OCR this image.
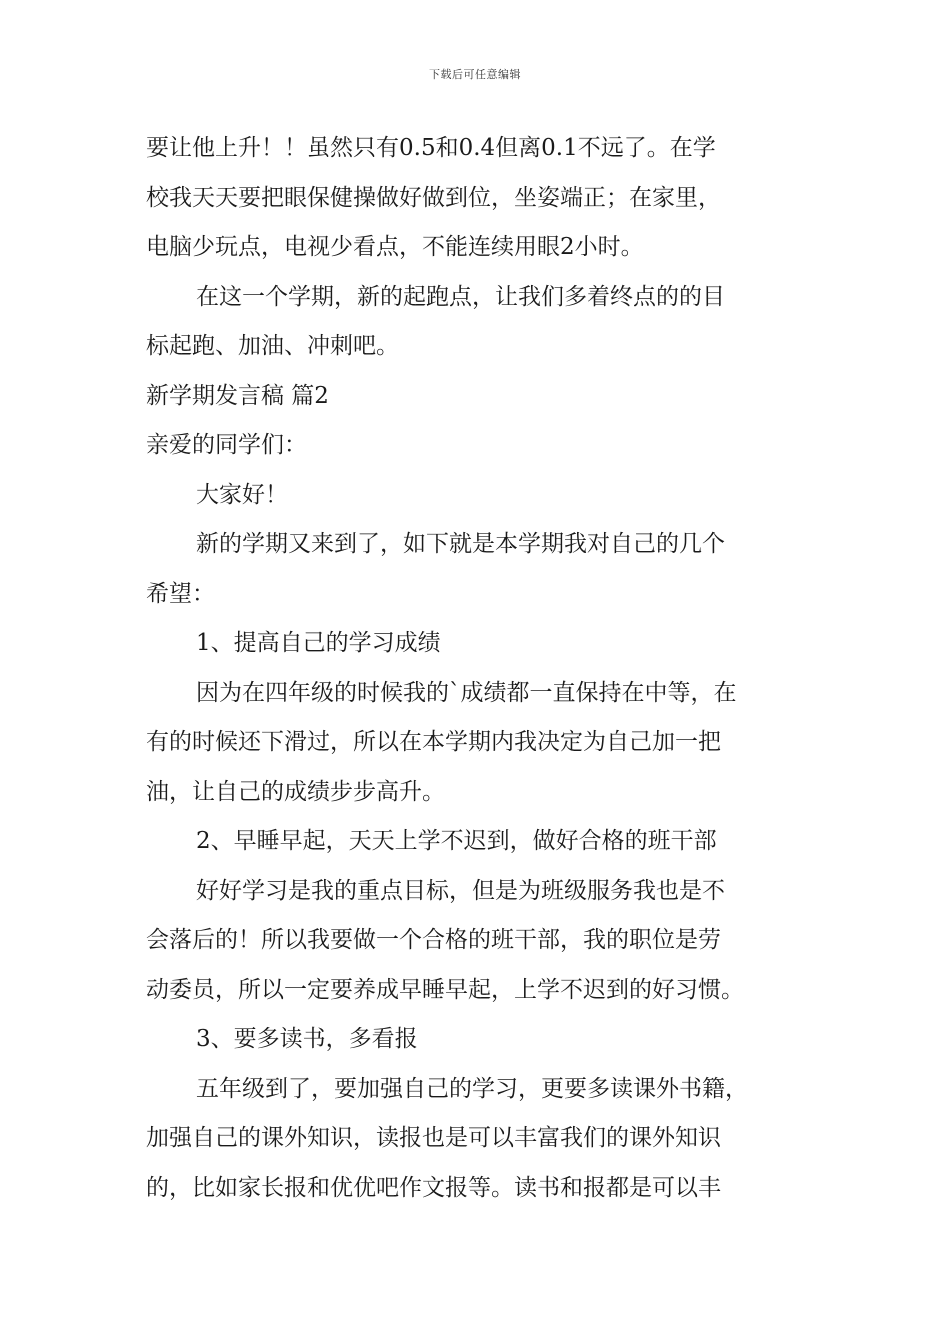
下载后可任意编辑
要让他上升！！虽然只有0.5和0.4但离0.1不远了。在学
校我天天要把眼保健操做好做到位，坐姿端正；在家里，
电脑少玩点，电视少看点，不能连续用眼2小时。
在这一个学期，新的起跑点，让我们多着终点的的目
标起跑、加油、冲刺吧。
新学期发言稿 篇2
亲爱的同学们：
大家好！
新的学期又来到了，如下就是本学期我对自己的几个
希望：
1、提高自己的学习成绩
因为在四年级的时候我的`成绩都一直保持在中等，在
有的时候还下滑过，所以在本学期内我决定为自己加一把
油，让自己的成绩步步高升。
2、早睡早起，天天上学不迟到，做好合格的班干部
好好学习是我的重点目标，但是为班级服务我也是不
会落后的！所以我要做一个合格的班干部，我的职位是劳
动委员，所以一定要养成早睡早起，上学不迟到的好习惯。
3、要多读书，多看报
五年级到了，要加强自己的学习，更要多读课外书籍，
加强自己的课外知识，读报也是可以丰富我们的课外知识
的，比如家长报和优优吧作文报等。读书和报都是可以丰
